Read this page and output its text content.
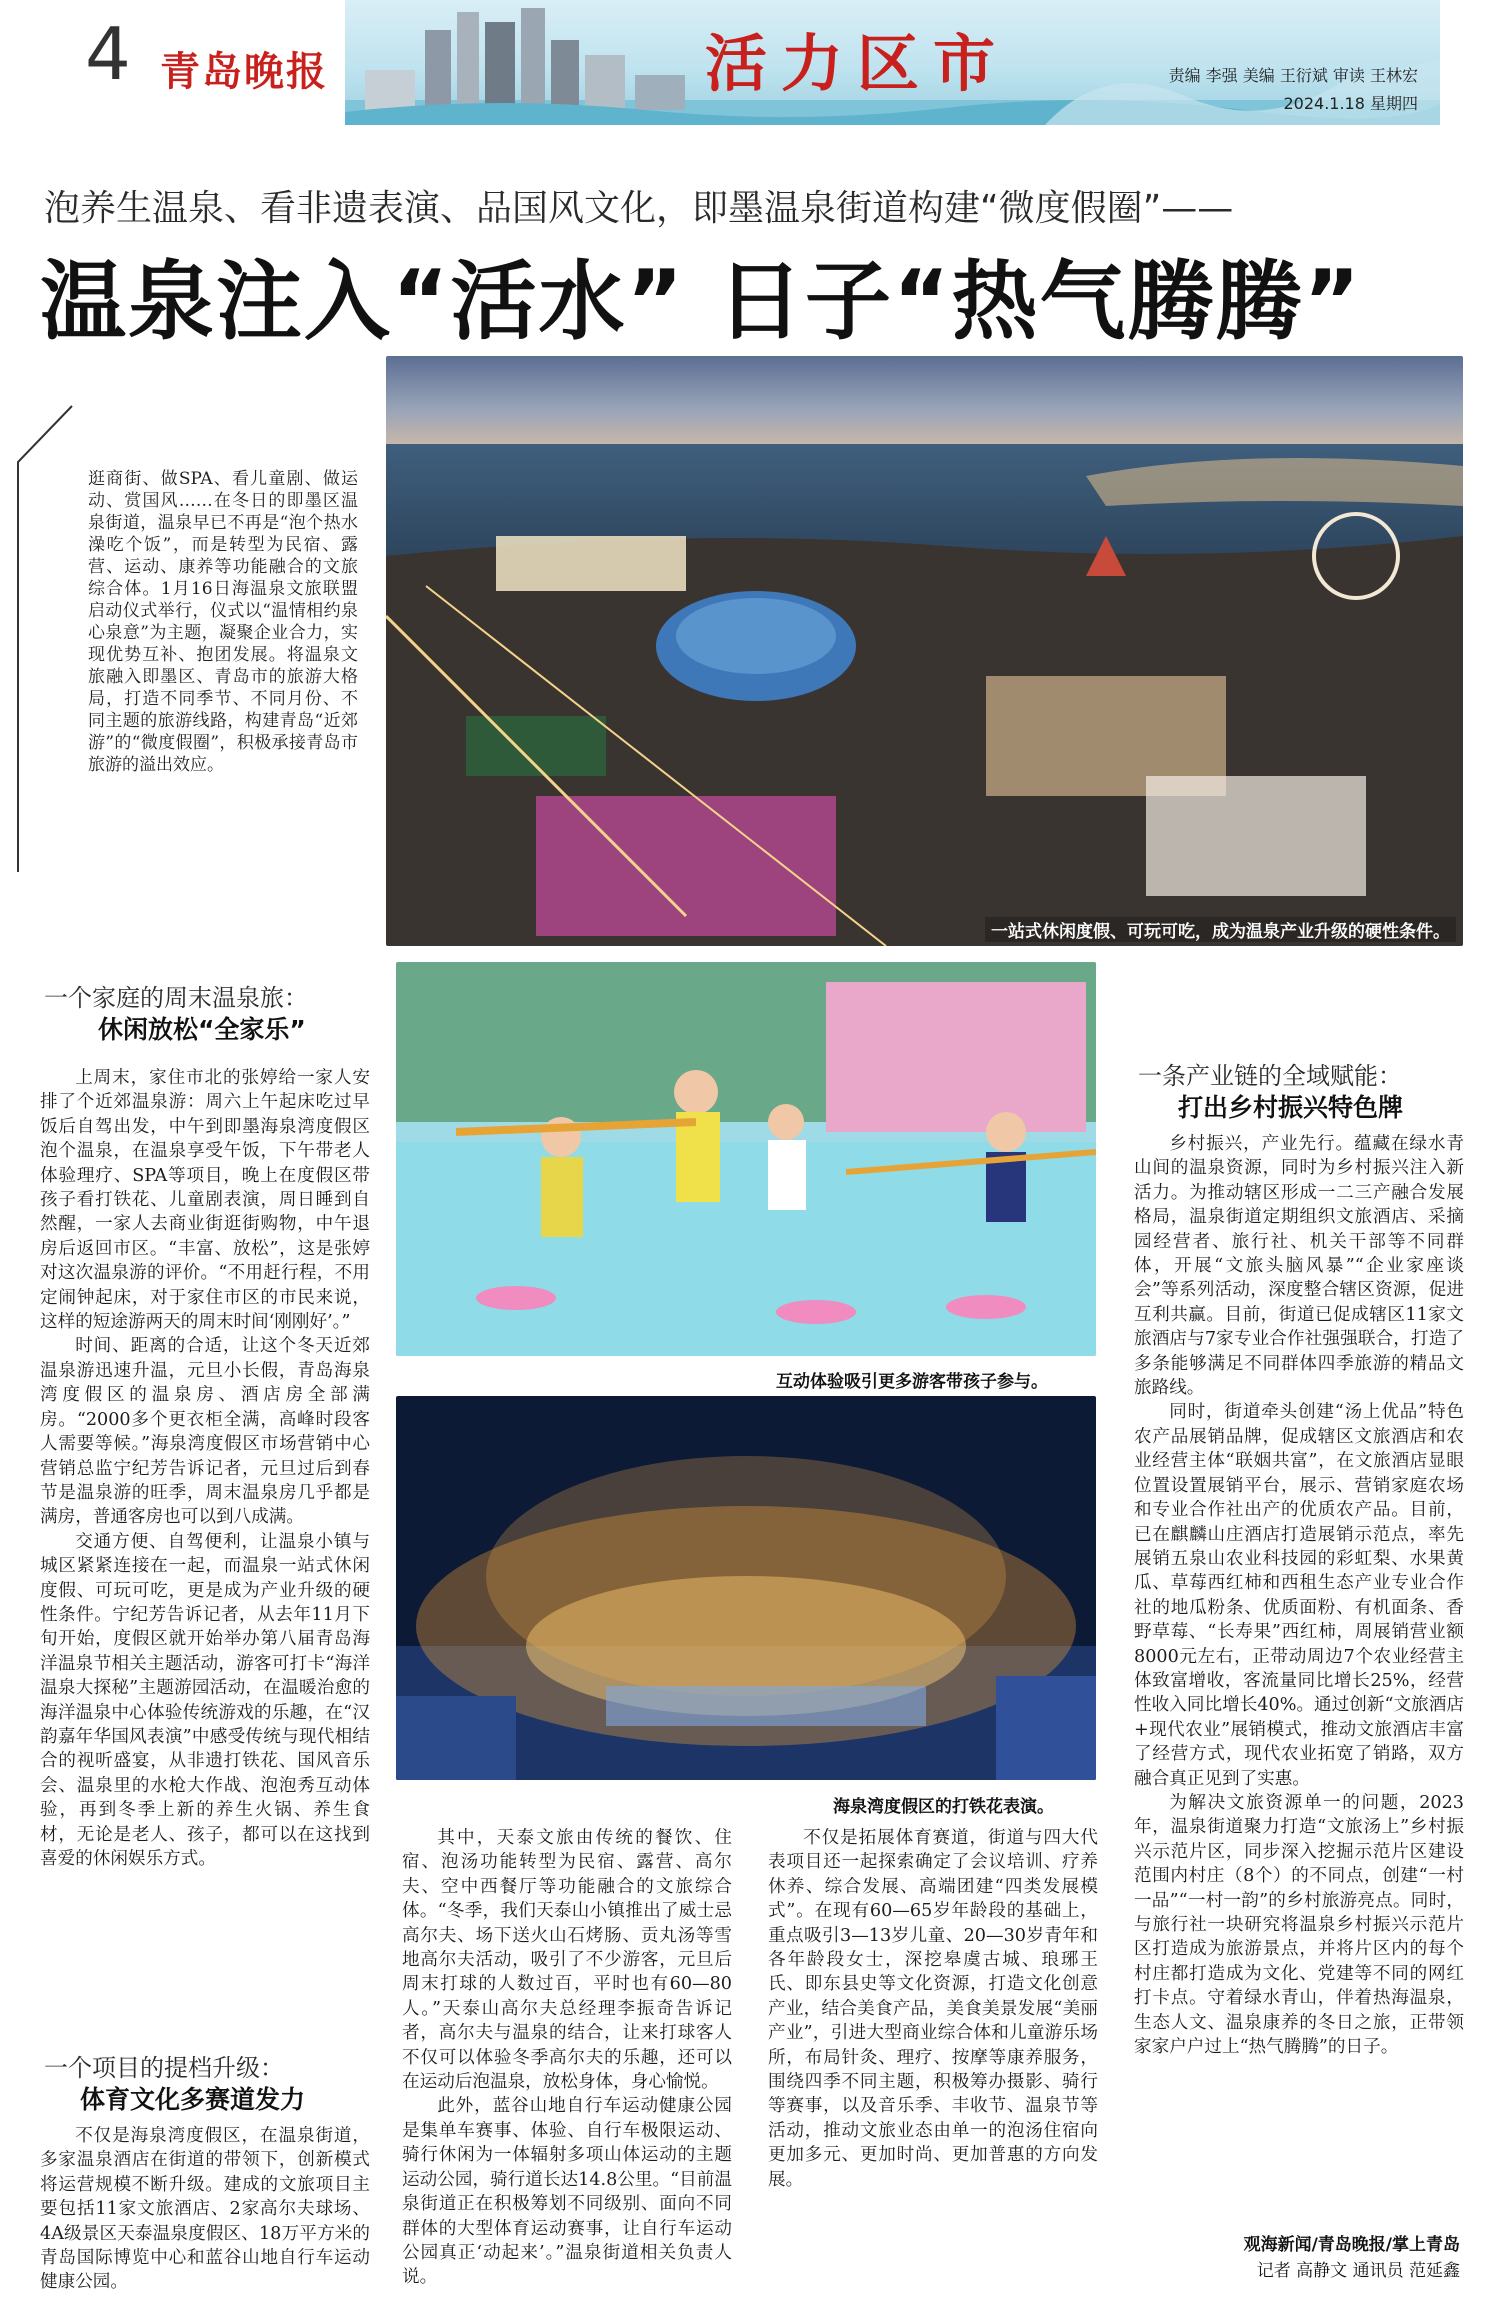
4 青岛晚报	活力区市	责编 李强 美编 王衍斌 审读 王林宏
2024.1.18 星期四
泡养生温泉、看非遗表演、品国风文化，即墨温泉街道构建“微度假圈”——
温泉注入“活水” 日子“热气腾腾”
逛商街、做SPA、看儿童剧、做运动、赏国风……在冬日的即墨区温泉街道，温泉早已不再是“泡个热水澡吃个饭”，而是转型为民宿、露营、运动、康养等功能融合的文旅综合体。1月16日海温泉文旅联盟启动仪式举行，仪式以“温情相约泉心泉意”为主题，凝聚企业合力，实现优势互补、抱团发展。将温泉文旅融入即墨区、青岛市的旅游大格局，打造不同季节、不同月份、不同主题的旅游线路，构建青岛“近郊游”的“微度假圈”，积极承接青岛市旅游的溢出效应。
一站式休闲度假、可玩可吃，成为温泉产业升级的硬性条件。
互动体验吸引更多游客带孩子参与。
海泉湾度假区的打铁花表演。
一个家庭的周末温泉旅：
休闲放松“全家乐”

上周末，家住市北的张婷给一家人安排了个近郊温泉游：周六上午起床吃过早饭后自驾出发，中午到即墨海泉湾度假区泡个温泉，在温泉享受午饭，下午带老人体验理疗、SPA等项目，晚上在度假区带孩子看打铁花、儿童剧表演，周日睡到自然醒，一家人去商业街逛街购物，中午退房后返回市区。“丰富、放松”，这是张婷对这次温泉游的评价。“不用赶行程，不用定闹钟起床，对于家住市区的市民来说，这样的短途游两天的周末时间‘刚刚好’。”

时间、距离的合适，让这个冬天近郊温泉游迅速升温，元旦小长假，青岛海泉湾度假区的温泉房、酒店房全部满房。“2000多个更衣柜全满，高峰时段客人需要等候。”海泉湾度假区市场营销中心营销总监宁纪芳告诉记者，元旦过后到春节是温泉游的旺季，周末温泉房几乎都是满房，普通客房也可以到八成满。

交通方便、自驾便利，让温泉小镇与城区紧紧连接在一起，而温泉一站式休闲度假、可玩可吃，更是成为产业升级的硬性条件。宁纪芳告诉记者，从去年11月下旬开始，度假区就开始举办第八届青岛海洋温泉节相关主题活动，游客可打卡“海洋温泉大探秘”主题游园活动，在温暖治愈的海洋温泉中心体验传统游戏的乐趣，在“汉韵嘉年华国风表演”中感受传统与现代相结合的视听盛宴，从非遗打铁花、国风音乐会、温泉里的水枪大作战、泡泡秀互动体验，再到冬季上新的养生火锅、养生食材，无论是老人、孩子，都可以在这找到喜爱的休闲娱乐方式。

一个项目的提档升级：
体育文化多赛道发力

不仅是海泉湾度假区，在温泉街道，多家温泉酒店在街道的带领下，创新模式将运营规模不断升级。建成的文旅项目主要包括11家文旅酒店、2家高尔夫球场、4A级景区天泰温泉度假区、18万平方米的青岛国际博览中心和蓝谷山地自行车运动健康公园。

其中，天泰文旅由传统的餐饮、住宿、泡汤功能转型为民宿、露营、高尔夫、空中西餐厅等功能融合的文旅综合体。“冬季，我们天泰山小镇推出了威士忌高尔夫、场下送火山石烤肠、贡丸汤等雪地高尔夫活动，吸引了不少游客，元旦后周末打球的人数过百，平时也有60—80人。”天泰山高尔夫总经理李振奇告诉记者，高尔夫与温泉的结合，让来打球客人不仅可以体验冬季高尔夫的乐趣，还可以在运动后泡温泉，放松身体，身心愉悦。

此外，蓝谷山地自行车运动健康公园是集单车赛事、体验、自行车极限运动、骑行休闲为一体辐射多项山体运动的主题运动公园，骑行道长达14.8公里。“目前温泉街道正在积极筹划不同级别、面向不同群体的大型体育运动赛事，让自行车运动公园真正‘动起来’。”温泉街道相关负责人说。

不仅是拓展体育赛道，街道与四大代表项目还一起探索确定了会议培训、疗养休养、综合发展、高端团建“四类发展模式”。在现有60—65岁年龄段的基础上，重点吸引3—13岁儿童、20—30岁青年和各年龄段女士，深挖皋虞古城、琅琊王氏、即东县史等文化资源，打造文化创意产业，结合美食产品，美食美景发展“美丽产业”，引进大型商业综合体和儿童游乐场所，布局针灸、理疗、按摩等康养服务，围绕四季不同主题，积极筹办摄影、骑行等赛事，以及音乐季、丰收节、温泉节等活动，推动文旅业态由单一的泡汤住宿向更加多元、更加时尚、更加普惠的方向发展。

一条产业链的全域赋能：
打出乡村振兴特色牌

乡村振兴，产业先行。蕴藏在绿水青山间的温泉资源，同时为乡村振兴注入新活力。为推动辖区形成一二三产融合发展格局，温泉街道定期组织文旅酒店、采摘园经营者、旅行社、机关干部等不同群体，开展“文旅头脑风暴”“企业家座谈会”等系列活动，深度整合辖区资源，促进互利共赢。目前，街道已促成辖区11家文旅酒店与7家专业合作社强强联合，打造了多条能够满足不同群体四季旅游的精品文旅路线。

同时，街道牵头创建“汤上优品”特色农产品展销品牌，促成辖区文旅酒店和农业经营主体“联姻共富”，在文旅酒店显眼位置设置展销平台，展示、营销家庭农场和专业合作社出产的优质农产品。目前，已在麒麟山庄酒店打造展销示范点，率先展销五泉山农业科技园的彩虹梨、水果黄瓜、草莓西红柿和西租生态产业专业合作社的地瓜粉条、优质面粉、有机面条、香野草莓、“长寿果”西红柿，周展销营业额8000元左右，正带动周边7个农业经营主体致富增收，客流量同比增长25%，经营性收入同比增长40%。通过创新“文旅酒店+现代农业”展销模式，推动文旅酒店丰富了经营方式，现代农业拓宽了销路，双方融合真正见到了实惠。

为解决文旅资源单一的问题，2023年，温泉街道聚力打造“文旅汤上”乡村振兴示范片区，同步深入挖掘示范片区建设范围内村庄（8个）的不同点，创建“一村一品”“一村一韵”的乡村旅游亮点。同时，与旅行社一块研究将温泉乡村振兴示范片区打造成为旅游景点，并将片区内的每个村庄都打造成为文化、党建等不同的网红打卡点。守着绿水青山，伴着热海温泉，生态人文、温泉康养的冬日之旅，正带领家家户户过上“热气腾腾”的日子。

观海新闻/青岛晚报/掌上青岛
记者 高静文 通讯员 范延鑫
